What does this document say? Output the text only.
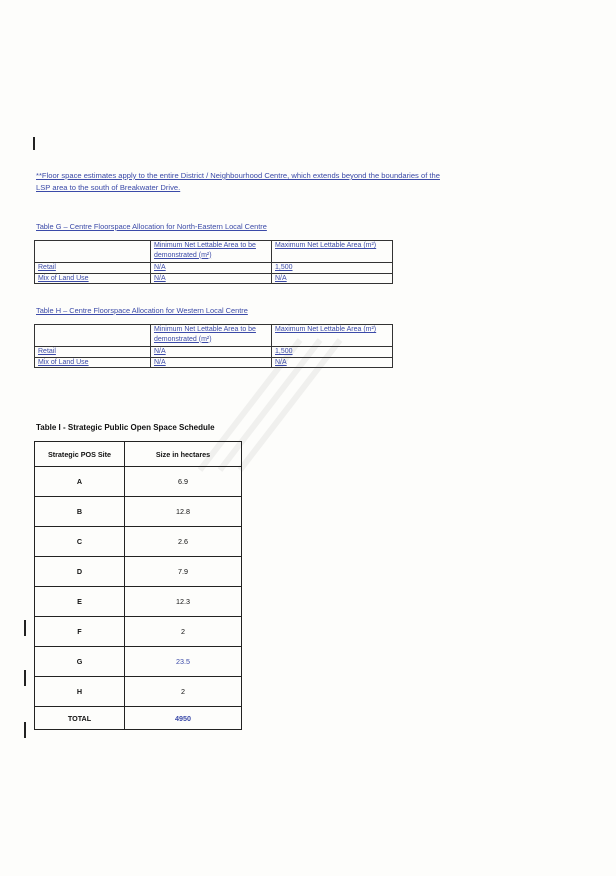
**Floor space estimates apply to the entire District / Neighbourhood Centre, which extends beyond the boundaries of the LSP area to the south of Breakwater Drive.
Table G – Centre Floorspace Allocation for North-Eastern Local Centre
	Minimum Net Lettable Area to be demonstrated (m²)	Maximum Net Lettable Area (m²)
Retail	N/A	1,500
Mix of Land Use	N/A	N/A
Table H – Centre Floorspace Allocation for Western Local Centre
	Minimum Net Lettable Area to be demonstrated (m²)	Maximum Net Lettable Area (m²)
Retail	N/A	1,500
Mix of Land Use	N/A	N/A
Table I - Strategic Public Open Space Schedule
Strategic POS Site	Size in hectares
A	6.9
B	12.8
C	2.6
D	7.9
E	12.3
F	2
G	23.5
H	2
TOTAL	4950
